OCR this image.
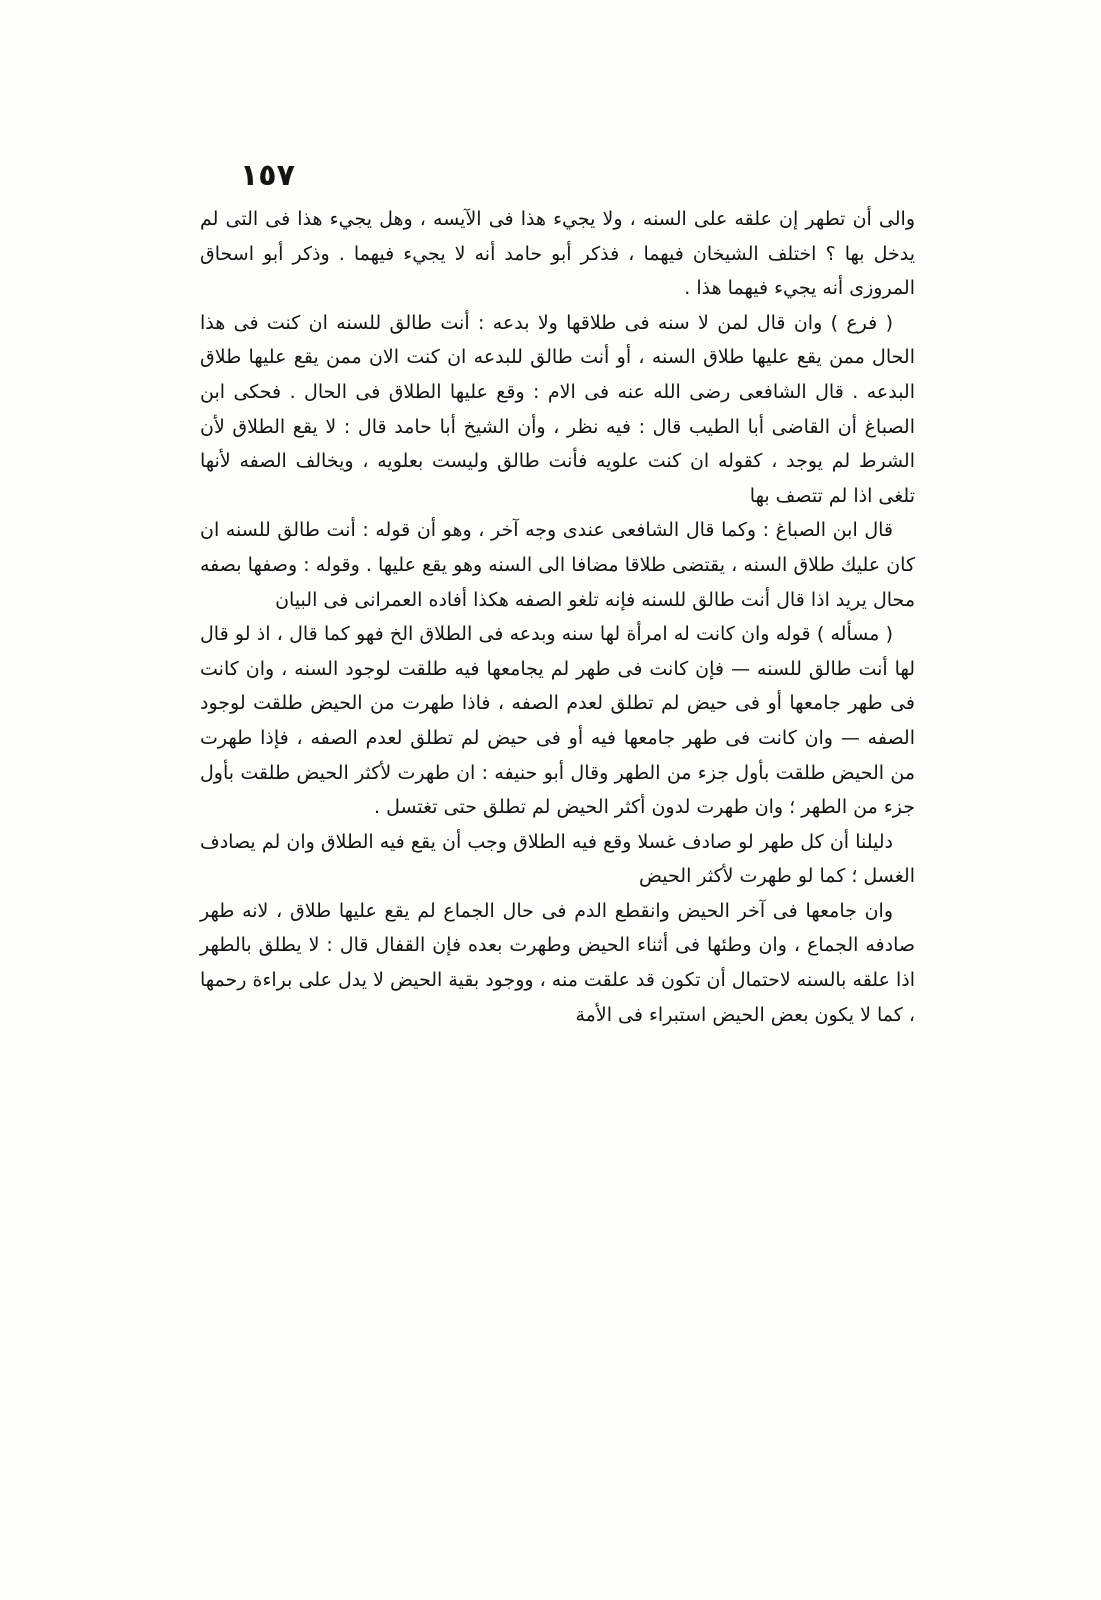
١٥٧

والى أن تطهر إن علقه على السنه ، ولا يجيء هذا فى الآيسه ، وهل يجيء هذا فى التى لم يدخل بها ؟ اختلف الشيخان فيهما ، فذكر أبو حامد أنه لا يجيء فيهما . وذكر أبو اسحاق المروزى أنه يجيء فيهما هذا .

( فرع ) وان قال لمن لا سنه فى طلاقها ولا بدعه : أنت طالق للسنه ان كنت فى هذا الحال ممن يقع عليها طلاق السنه ، أو أنت طالق للبدعه ان كنت الان ممن يقع عليها طلاق البدعه . قال الشافعى رضى الله عنه فى الام : وقع عليها الطلاق فى الحال . فحكى ابن الصباغ أن القاضى أبا الطيب قال : فيه نظر ، وأن الشيخ أبا حامد قال : لا يقع الطلاق لأن الشرط لم يوجد ، كقوله ان كنت علويه فأنت طالق وليست بعلويه ، ويخالف الصفه لأنها تلغى اذا لم تتصف بها

قال ابن الصباغ : وكما قال الشافعى عندى وجه آخر ، وهو أن قوله : أنت طالق للسنه ان كان عليك طلاق السنه ، يقتضى طلاقا مضافا الى السنه وهو يقع عليها . وقوله : وصفها بصفه محال يريد اذا قال أنت طالق للسنه فإنه تلغو الصفه هكذا أفاده العمرانى فى البيان

( مسأله ) قوله وان كانت له امرأة لها سنه وبدعه فى الطلاق الخ فهو كما قال ، اذ لو قال لها أنت طالق للسنه — فإن كانت فى طهر لم يجامعها فيه طلقت لوجود السنه ، وان كانت فى طهر جامعها أو فى حيض لم تطلق لعدم الصفه ، فاذا طهرت من الحيض طلقت لوجود الصفه — وان كانت فى طهر جامعها فيه أو فى حيض لم تطلق لعدم الصفه ، فإذا طهرت من الحيض طلقت بأول جزء من الطهر وقال أبو حنيفه : ان طهرت لأكثر الحيض طلقت بأول جزء من الطهر ؛ وان طهرت لدون أكثر الحيض لم تطلق حتى تغتسل .

دليلنا أن كل طهر لو صادف غسلا وقع فيه الطلاق وجب أن يقع فيه الطلاق وان لم يصادف الغسل ؛ كما لو طهرت لأكثر الحيض

وان جامعها فى آخر الحيض وانقطع الدم فى حال الجماع لم يقع عليها طلاق ، لانه طهر صادفه الجماع ، وان وطئها فى أثناء الحيض وطهرت بعده فإن القفال قال : لا يطلق بالطهر اذا علقه بالسنه لاحتمال أن تكون قد علقت منه ، ووجود بقية الحيض لا يدل على براءة رحمها ، كما لا يكون بعض الحيض استبراء فى الأمة
